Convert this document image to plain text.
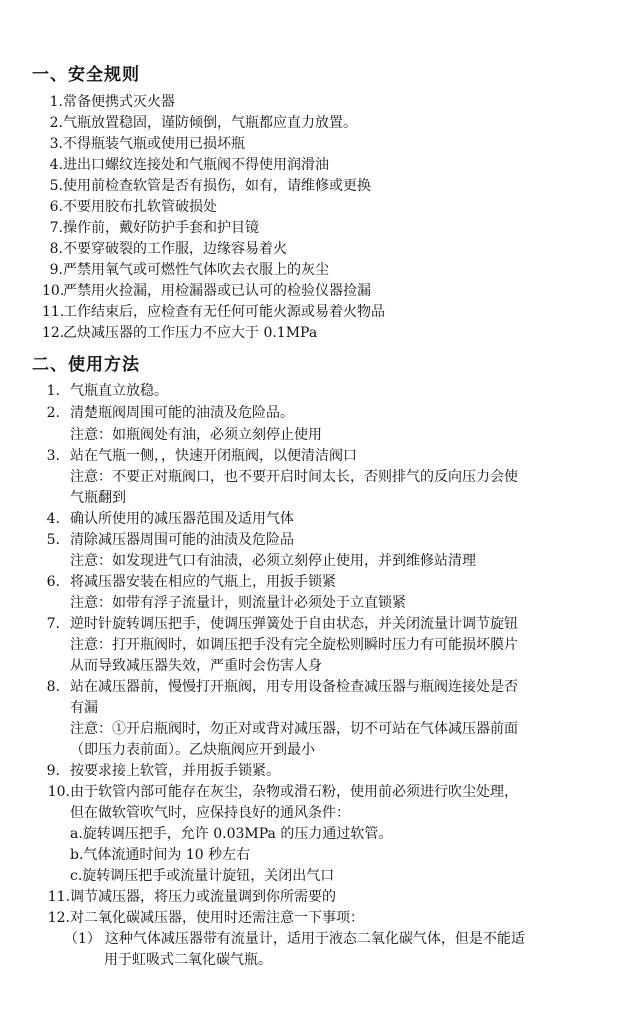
一、安全规则
1.常备便携式灭火器
2.气瓶放置稳固，谨防倾倒，气瓶都应直力放置。
3.不得瓶装气瓶或使用已损坏瓶
4.进出口螺纹连接处和气瓶阀不得使用润滑油
5.使用前检查软管是否有损伤，如有，请维修或更换
6.不要用胶布扎软管破损处
7.操作前，戴好防护手套和护目镜
8.不要穿破裂的工作服，边缘容易着火
9.严禁用氧气或可燃性气体吹去衣服上的灰尘
10.严禁用火捡漏，用检漏器或已认可的检验仪器捡漏
11.工作结束后，应检查有无任何可能火源或易着火物品
12.乙炔减压器的工作压力不应大于 0.1MPa
二、使用方法
1. 气瓶直立放稳。
2. 清楚瓶阀周围可能的油渍及危险品。
注意：如瓶阀处有油，必须立刻停止使用
3. 站在气瓶一侧，，快速开闭瓶阀，以便清洁阀口
注意：不要正对瓶阀口，也不要开启时间太长，否则排气的反向压力会使
气瓶翻到
4. 确认所使用的减压器范围及适用气体
5. 清除减压器周围可能的油渍及危险品
注意：如发现进气口有油渍，必须立刻停止使用，并到维修站清理
6. 将减压器安装在相应的气瓶上，用扳手锁紧
注意：如带有浮子流量计，则流量计必须处于立直锁紧
7. 逆时针旋转调压把手，使调压弹簧处于自由状态，并关闭流量计调节旋钮
注意：打开瓶阀时，如调压把手没有完全旋松则瞬时压力有可能损坏膜片
从而导致减压器失效，严重时会伤害人身
8. 站在减压器前，慢慢打开瓶阀，用专用设备检查减压器与瓶阀连接处是否
有漏
注意：①开启瓶阀时，勿正对或背对减压器，切不可站在气体减压器前面
（即压力表前面）。乙炔瓶阀应开到最小
9. 按要求接上软管，并用扳手锁紧。
10.由于软管内部可能存在灰尘，杂物或滑石粉，使用前必须进行吹尘处理，
但在做软管吹气时，应保持良好的通风条件：
a.旋转调压把手，允许 0.03MPa 的压力通过软管。
b.气体流通时间为 10 秒左右
c.旋转调压把手或流量计旋钮，关闭出气口
11.调节减压器，将压力或流量调到你所需要的
12.对二氧化碳减压器，使用时还需注意一下事项：
（1） 这种气体减压器带有流量计，适用于液态二氧化碳气体，但是不能适
用于虹吸式二氧化碳气瓶。
